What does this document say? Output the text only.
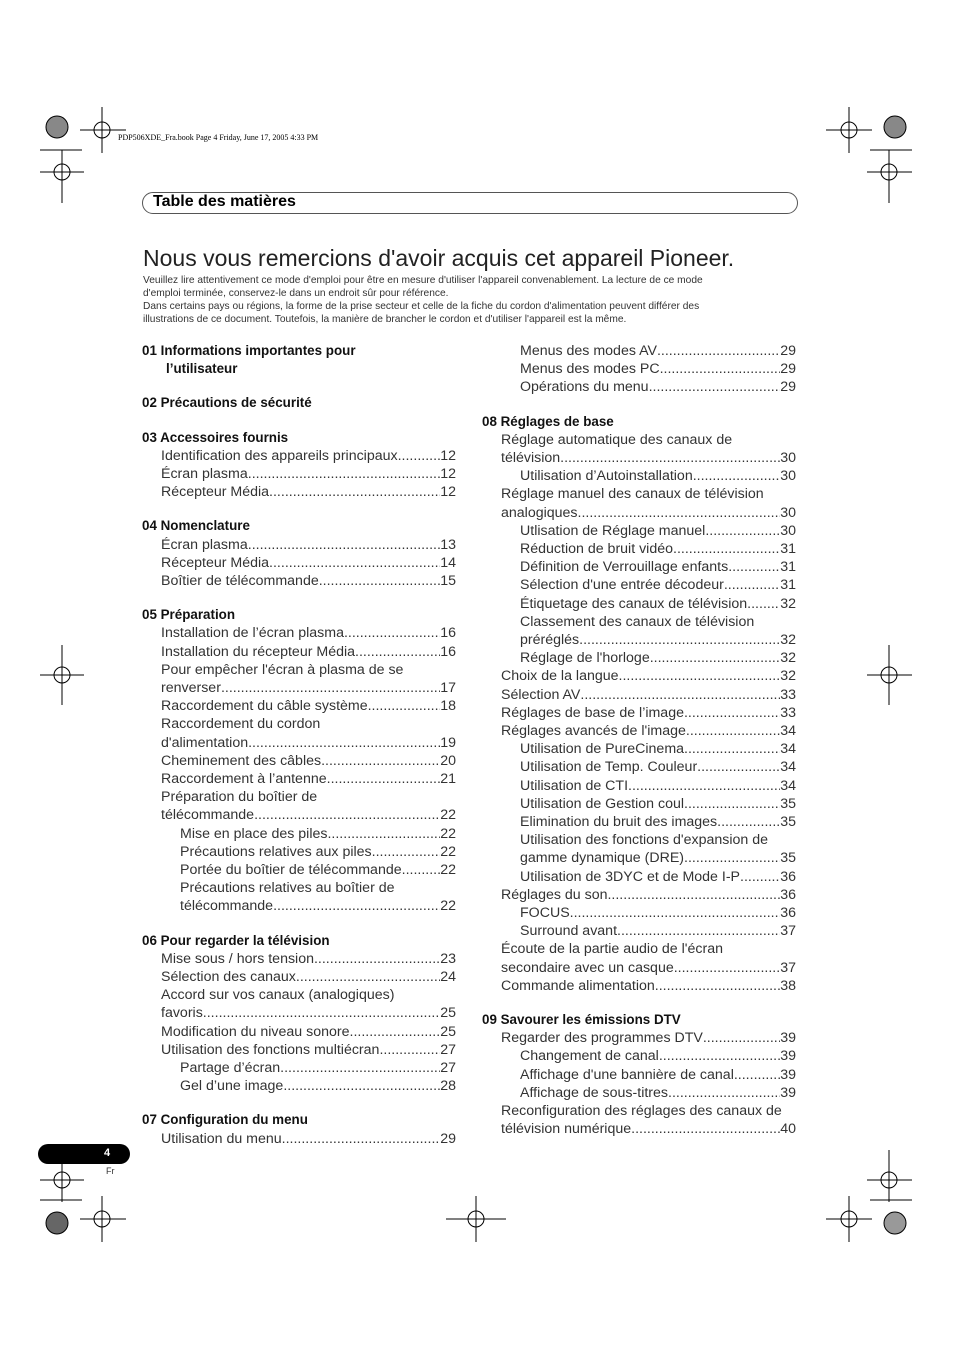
PDP506XDE_Fra.book Page 4 Friday, June 17, 2005 4:33 PM
Table des matières
Nous vous remercions d'avoir acquis cet appareil Pioneer.
Veuillez lire attentivement ce mode d'emploi pour être en mesure d'utiliser l'appareil convenablement. La lecture de ce mode
d'emploi terminée, conservez-le dans un endroit sûr pour référence.
Dans certains pays ou régions, la forme de la prise secteur et celle de la fiche du cordon d'alimentation peuvent différer des
illustrations de ce document. Toutefois, la manière de brancher le cordon et d'utiliser l'appareil est la même.
01 Informations importantes pour
l’utilisateur
02 Précautions de sécurité
03 Accessoires fournis
Identification des appareils principaux .....	12
Écran plasma .....	12
Récepteur Média .....	12
04 Nomenclature
Écran plasma .....	13
Récepteur Média .....	14
Boîtier de télécommande .....	15
05 Préparation
Installation de l’écran plasma .....	16
Installation du récepteur Média .....	16
Pour empêcher l'écran à plasma de se
renverser .....	17
Raccordement du câble système .....	18
Raccordement du cordon
d'alimentation .....	19
Cheminement des câbles .....	20
Raccordement à l’antenne .....	21
Préparation du boîtier de
télécommande .....	22
Mise en place des piles .....	22
Précautions relatives aux piles .....	22
Portée du boîtier de télécommande .....	22
Précautions relatives au boîtier de
télécommande .....	22
06 Pour regarder la télévision
Mise sous / hors tension .....	23
Sélection des canaux .....	24
Accord sur vos canaux (analogiques)
favoris .....	25
Modification du niveau sonore .....	25
Utilisation des fonctions multiécran .....	27
Partage d’écran .....	27
Gel d’une image .....	28
07 Configuration du menu
Utilisation du menu .....	29
Menus des modes AV .....	29
Menus des modes PC .....	29
Opérations du menu .....	29
08 Réglages de base
Réglage automatique des canaux de
télévision .....	30
Utilisation d’Autoinstallation .....	30
Réglage manuel des canaux de télévision
analogiques .....	30
Utlisation de Réglage manuel .....	30
Réduction de bruit vidéo .....	31
Définition de Verrouillage enfants .....	31
Sélection d'une entrée décodeur .....	31
Étiquetage des canaux de télévision ..... 32
Classement des canaux de télévision
préréglés .....	32
Réglage de l'horloge .....	32
Choix de la langue .....	32
Sélection AV .....	33
Réglages de base de l’image .....	33
Réglages avancés de l'image .....	34
Utilisation de PureCinema .....	34
Utilisation de Temp. Couleur .....	34
Utilisation de CTI .....	34
Utilisation de Gestion coul. .....	35
Elimination du bruit des images .....	35
Utilisation des fonctions d'expansion de
gamme dynamique (DRE) .....	35
Utilisation de 3DYC et de Mode I-P .....	36
Réglages du son .....	36
FOCUS .....	36
Surround avant .....	37
Écoute de la partie audio de l'écran
secondaire avec un casque .....	37
Commande alimentation .....	38
09 Savourer les émissions DTV
Regarder des programmes DTV .....	39
Changement de canal .....	39
Affichage d'une bannière de canal .....	39
Affichage de sous-titres .....	39
Reconfiguration des réglages des canaux de
télévision numérique .....	40
4
Fr
